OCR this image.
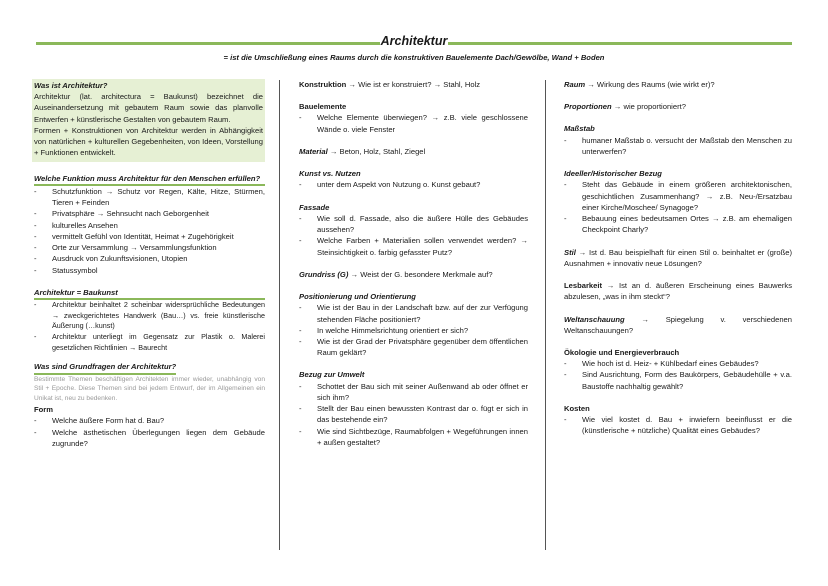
Architektur
= ist die Umschließung eines Raums durch die konstruktiven Bauelemente Dach/Gewölbe, Wand + Boden
Was ist Architektur?

Architektur (lat. architectura = Baukunst) bezeichnet die Auseinandersetzung mit gebautem Raum sowie das planvolle Entwerfen + künstlerische Gestalten von gebautem Raum.

Formen + Konstruktionen von Architektur werden in Abhängigkeit von natürlichen + kulturellen Gegebenheiten, von Ideen, Vorstellung + Funktionen entwickelt.

Welche Funktion muss Architektur für den Menschen erfüllen?
- Schutzfunktion → Schutz vor Regen, Kälte, Hitze, Stürmen, Tieren + Feinden
- Privatsphäre → Sehnsucht nach Geborgenheit
- kulturelles Ansehen
- vermittelt Gefühl von Identität, Heimat + Zugehörigkeit
- Orte zur Versammlung → Versammlungsfunktion
- Ausdruck von Zukunftsvisionen, Utopien
- Statussymbol
Architektur = Baukunst
- Architektur beinhaltet 2 scheinbar widersprüchliche Bedeutungen → zweckgerichtetes Handwerk (Bau…) vs. freie künstlerische Äußerung (…kunst)
- Architektur unterliegt im Gegensatz zur Plastik o. Malerei gesetzlichen Richtlinien → Baurecht
Was sind Grundfragen der Architektur?

Bestimmte Themen beschäftigen Architekten immer wieder, unabhängig von Stil + Epoche. Diese Themen sind bei jedem Entwurf, der im Allgemeinen ein Unikat ist, neu zu bedenken.

Form
- Welche äußere Form hat d. Bau?
- Welche ästhetischen Überlegungen liegen dem Gebäude zugrunde?

Konstruktion → Wie ist er konstruiert? → Stahl, Holz

Bauelemente
- Welche Elemente überwiegen? → z.B. viele geschlossene Wände o. viele Fenster

Material → Beton, Holz, Stahl, Ziegel

Kunst vs. Nutzen
- unter dem Aspekt von Nutzung o. Kunst gebaut?
Fassade
- Wie soll d. Fassade, also die äußere Hülle des Gebäudes aussehen?
- Welche Farben + Materialien sollen verwendet werden? → Steinsichtigkeit o. farbig gefasster Putz?

Grundriss (G) → Weist der G. besondere Merkmale auf?

Positionierung und Orientierung
- Wie ist der Bau in der Landschaft bzw. auf der zur Verfügung stehenden Fläche positioniert?
- In welche Himmelsrichtung orientiert er sich?
- Wie ist der Grad der Privatsphäre gegenüber dem öffentlichen Raum geklärt?
Bezug zur Umwelt
- Schottet der Bau sich mit seiner Außenwand ab oder öffnet er sich ihm?
- Stellt der Bau einen bewussten Kontrast dar o. fügt er sich in das bestehende ein?
- Wie sind Sichtbezüge, Raumabfolgen + Wegeführungen innen + außen gestaltet?

Raum → Wirkung des Raums (wie wirkt er)?

Proportionen → wie proportioniert?

Maßstab
- humaner Maßstab o. versucht der Maßstab den Menschen zu unterwerfen?
Ideeller/Historischer Bezug
- Steht das Gebäude in einem größeren architektonischen, geschichtlichen Zusammenhang? → z.B. Neu-/Ersatzbau einer Kirche/Moschee/ Synagoge?
- Bebauung eines bedeutsamen Ortes → z.B. am ehemaligen Checkpoint Charly?

Stil → Ist d. Bau beispielhaft für einen Stil o. beinhaltet er (große) Ausnahmen + innovativ neue Lösungen?

Lesbarkeit → Ist an d. äußeren Erscheinung eines Bauwerks abzulesen, „was in ihm steckt“?

Weltanschauung → Spiegelung v. verschiedenen Weltanschauungen?

Ökologie und Energieverbrauch
- Wie hoch ist d. Heiz- + Kühlbedarf eines Gebäudes?
- Sind Ausrichtung, Form des Baukörpers, Gebäudehülle + v.a. Baustoffe nachhaltig gewählt?
Kosten
- Wie viel kostet d. Bau + inwiefern beeinflusst er die (künstlerische + nützliche) Qualität eines Gebäudes?
